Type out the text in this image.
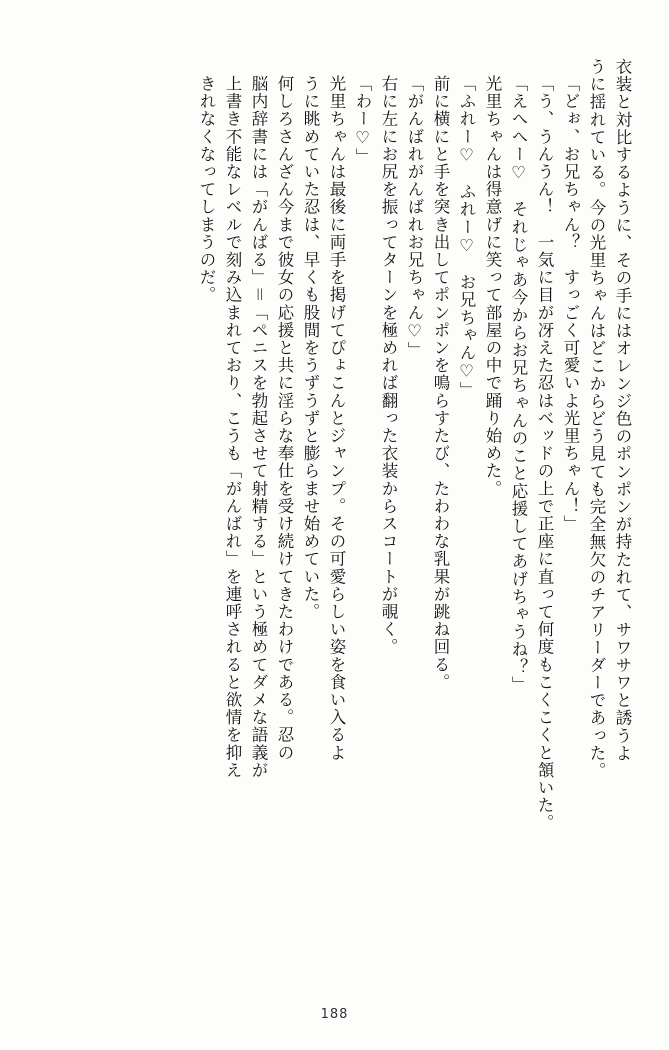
衣装と対比するように、その手にはオレンジ色のポンポンが持たれて、サワサワと誘うよ
うに揺れている。今の光里ちゃんはどこからどう見ても完全無欠のチアリーダーであった。
「どぉ、お兄ちゃん？　すっごく可愛いよ光里ちゃん！」
「う、うんうん！　一気に目が冴えた忍はベッドの上で正座に直って何度もこくこくと頷いた。
「えへへー♡　それじゃあ今からお兄ちゃんのこと応援してあげちゃうね？」
光里ちゃんは得意げに笑って部屋の中で踊り始めた。
「ふれー♡　ふれー♡　お兄ちゃん♡」
前に横にと手を突き出してポンポンを鳴らすたび、たわわな乳果が跳ね回る。
「がんばれがんばれお兄ちゃん♡」
右に左にお尻を振ってターンを極めれば翻った衣装からスコートが覗く。
「わー♡」
光里ちゃんは最後に両手を掲げてぴょこんとジャンプ。その可愛らしい姿を食い入るよ
うに眺めていた忍は、早くも股間をうずうずと膨らませ始めていた。
何しろさんざん今まで彼女の応援と共に淫らな奉仕を受け続けてきたわけである。忍の
脳内辞書には「がんばる」＝「ペニスを勃起させて射精する」という極めてダメな語義が
上書き不能なレベルで刻み込まれており、こうも「がんばれ」を連呼されると欲情を抑え
きれなくなってしまうのだ。
188
